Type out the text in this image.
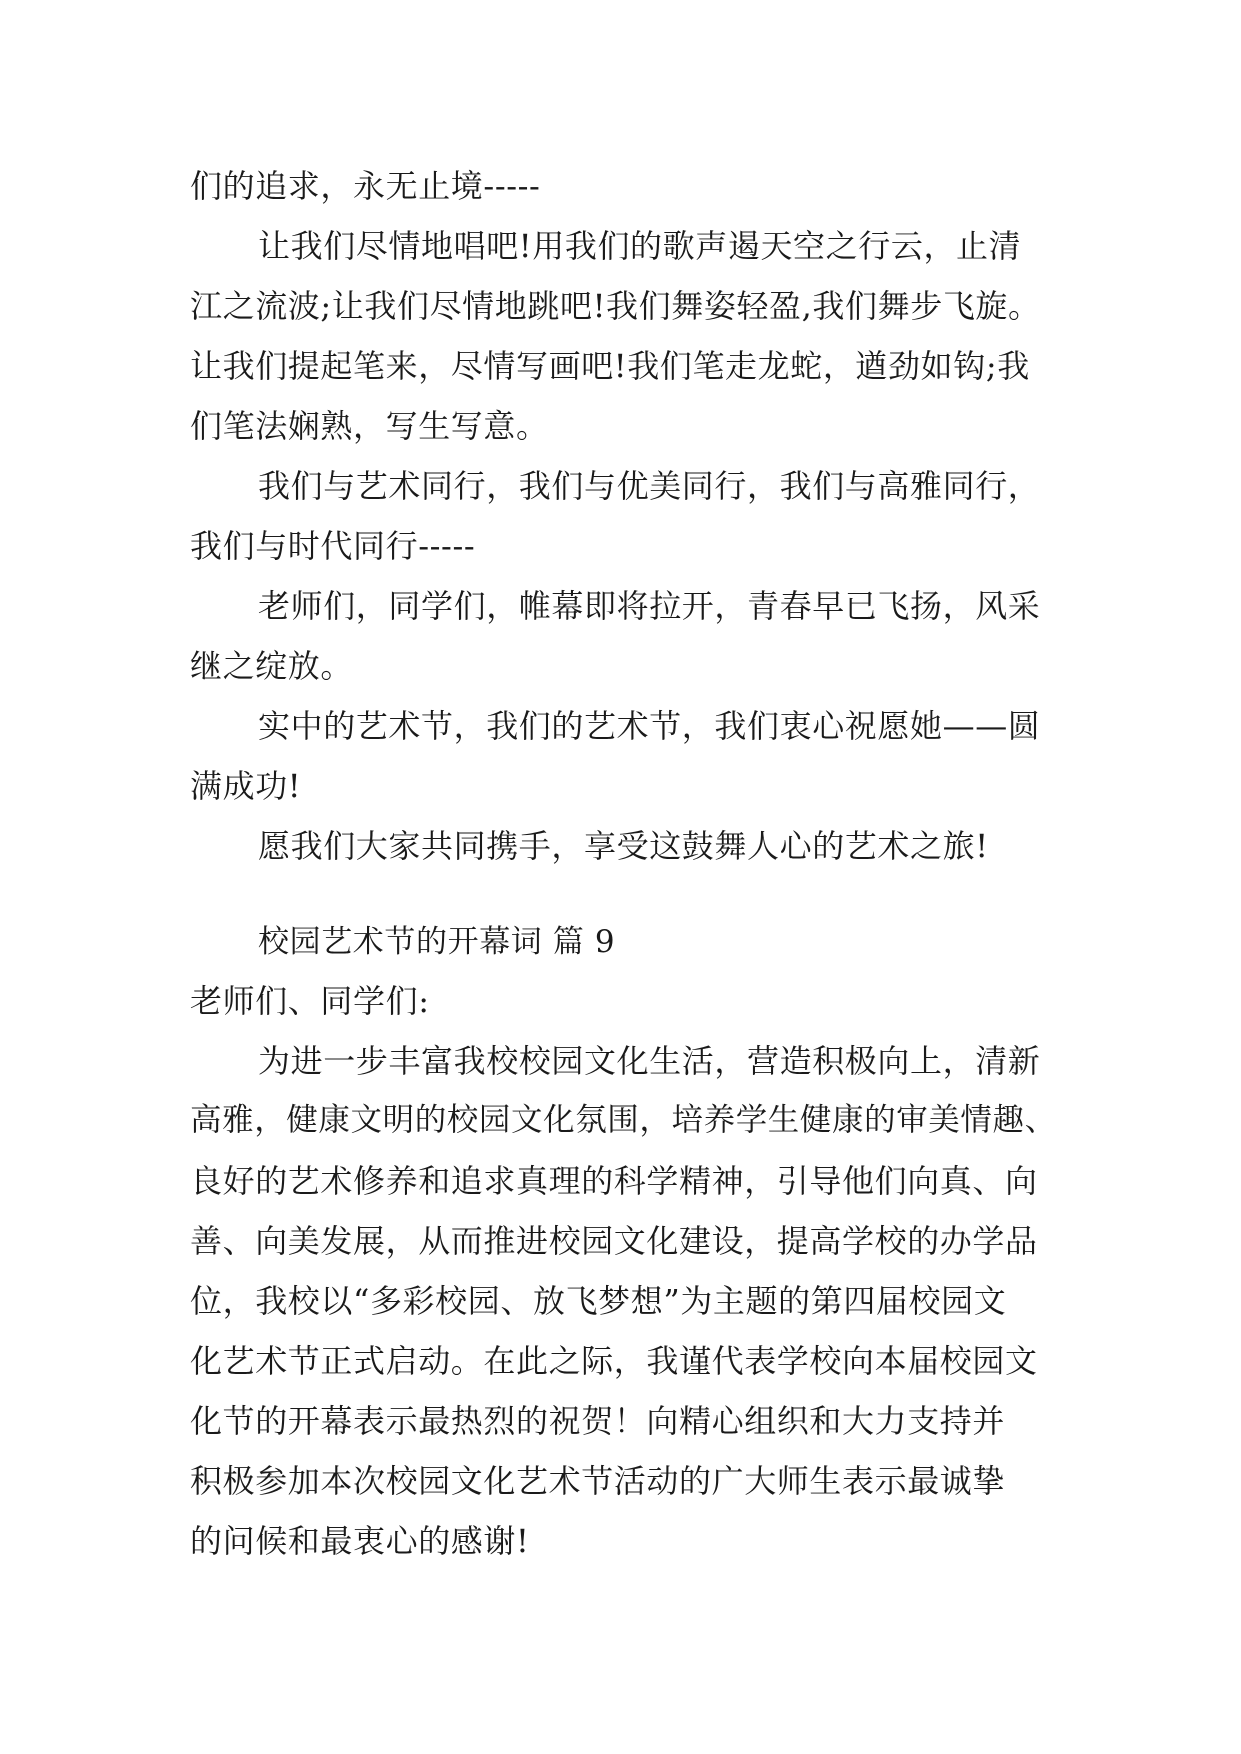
们的追求，永无止境-----
让我们尽情地唱吧!用我们的歌声遏天空之行云，止清
江之流波;让我们尽情地跳吧!我们舞姿轻盈,我们舞步飞旋。
让我们提起笔来，尽情写画吧!我们笔走龙蛇，遒劲如钩;我
们笔法娴熟，写生写意。
我们与艺术同行，我们与优美同行，我们与高雅同行，
我们与时代同行-----
老师们，同学们，帷幕即将拉开，青春早已飞扬，风采
继之绽放。
实中的艺术节，我们的艺术节，我们衷心祝愿她——圆
满成功!
愿我们大家共同携手，享受这鼓舞人心的艺术之旅!
校园艺术节的开幕词 篇 9
老师们、同学们:
为进一步丰富我校校园文化生活，营造积极向上，清新
高雅，健康文明的校园文化氛围，培养学生健康的审美情趣、
良好的艺术修养和追求真理的科学精神，引导他们向真、向
善、向美发展，从而推进校园文化建设，提高学校的办学品
位，我校以“多彩校园、放飞梦想”为主题的第四届校园文
化艺术节正式启动。在此之际，我谨代表学校向本届校园文
化节的开幕表示最热烈的祝贺！向精心组织和大力支持并
积极参加本次校园文化艺术节活动的广大师生表示最诚挚
的问候和最衷心的感谢!
